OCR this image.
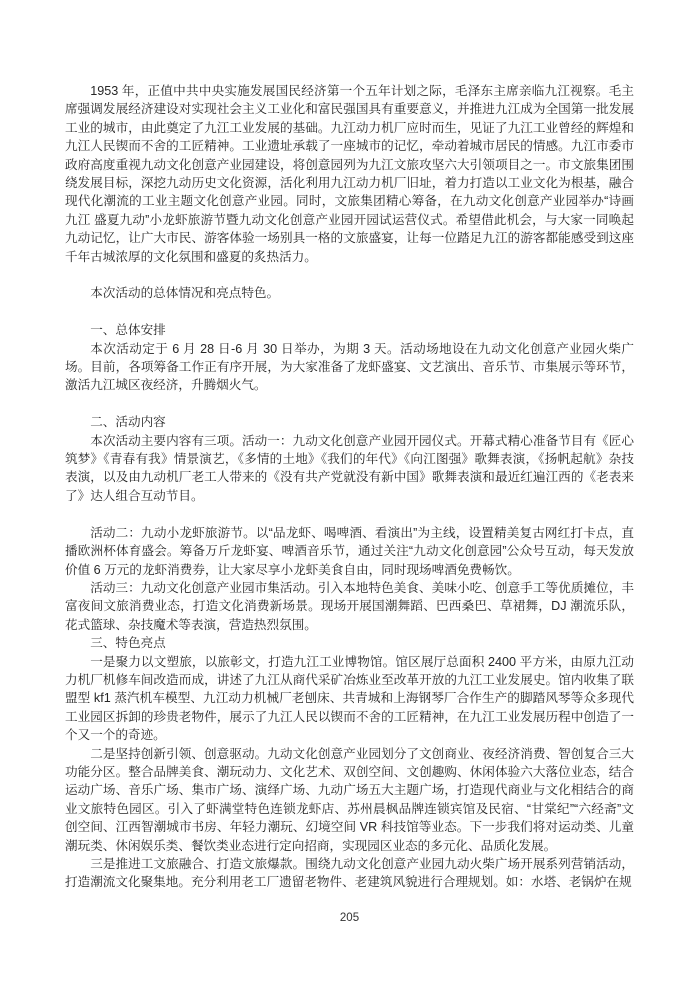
1953 年，正值中共中央实施发展国民经济第一个五年计划之际，毛泽东主席亲临九江视察。毛主席强调发展经济建设对实现社会主义工业化和富民强国具有重要意义，并推进九江成为全国第一批发展工业的城市，由此奠定了九江工业发展的基础。九江动力机厂应时而生，见证了九江工业曾经的辉煌和九江人民锲而不舍的工匠精神。工业遗址承载了一座城市的记忆，牵动着城市居民的情感。九江市委市政府高度重视九动文化创意产业园建设，将创意园列为九江文旅攻坚六大引领项目之一。市文旅集团围绕发展目标，深挖九动历史文化资源，活化利用九江动力机厂旧址，着力打造以工业文化为根基，融合现代化潮流的工业主题文化创意产业园。同时，文旅集团精心筹备，在九动文化创意产业园举办“诗画九江 盛夏九动”小龙虾旅游节暨九动文化创意产业园开园试运营仪式。希望借此机会，与大家一同唤起九动记忆，让广大市民、游客体验一场别具一格的文旅盛宴，让每一位踏足九江的游客都能感受到这座千年古城浓厚的文化氛围和盛夏的炙热活力。

本次活动的总体情况和亮点特色。

一、总体安排

本次活动定于 6 月 28 日-6 月 30 日举办，为期 3 天。活动场地设在九动文化创意产业园火柴广场。目前，各项筹备工作正有序开展，为大家准备了龙虾盛宴、文艺演出、音乐节、市集展示等环节，激活九江城区夜经济，升腾烟火气。

二、活动内容

本次活动主要内容有三项。活动一：九动文化创意产业园开园仪式。开幕式精心准备节目有《匠心筑梦》《青春有我》情景演艺，《多情的土地》《我们的年代》《向江图强》歌舞表演，《扬帆起航》杂技表演，以及由九动机厂老工人带来的《没有共产党就没有新中国》歌舞表演和最近红遍江西的《老表来了》达人组合互动节目。

活动二：九动小龙虾旅游节。以“品龙虾、喝啤酒、看演出”为主线，设置精美复古网红打卡点，直播欧洲杯体育盛会。筹备万斤龙虾宴、啤酒音乐节，通过关注“九动文化创意园”公众号互动，每天发放价值 6 万元的龙虾消费券，让大家尽享小龙虾美食自由，同时现场啤酒免费畅饮。

活动三：九动文化创意产业园市集活动。引入本地特色美食、美味小吃、创意手工等优质摊位，丰富夜间文旅消费业态，打造文化消费新场景。现场开展国潮舞蹈、巴西桑巴、草裙舞，DJ 潮流乐队，花式篮球、杂技魔术等表演，营造热烈氛围。

三、特色亮点

一是聚力以文塑旅，以旅彰文，打造九江工业博物馆。馆区展厅总面积 2400 平方米，由原九江动力机厂机修车间改造而成，讲述了九江从商代采矿冶炼业至改革开放的九江工业发展史。馆内收集了联盟型 kf1 蒸汽机车模型、九江动力机械厂老刨床、共青城和上海钢琴厂合作生产的脚踏风琴等众多现代工业园区拆卸的珍贵老物件，展示了九江人民以锲而不舍的工匠精神，在九江工业发展历程中创造了一个又一个的奇迹。

二是坚持创新引领、创意驱动。九动文化创意产业园划分了文创商业、夜经济消费、智创复合三大功能分区。整合品牌美食、潮玩动力、文化艺术、双创空间、文创趣购、休闲体验六大落位业态，结合运动广场、音乐广场、集市广场、演绎广场、九动广场五大主题广场，打造现代商业与文化相结合的商业文旅特色园区。引入了虾满堂特色连锁龙虾店、苏州晨枫品牌连锁宾馆及民宿、“甘棠纪”“六经斋”文创空间、江西智潮城市书房、年轻力潮玩、幻境空间 VR 科技馆等业态。下一步我们将对运动类、儿童潮玩类、休闲娱乐类、餐饮类业态进行定向招商，实现园区业态的多元化、品质化发展。

三是推进工文旅融合、打造文旅爆款。围绕九动文化创意产业园九动火柴广场开展系列营销活动，打造潮流文化聚集地。充分利用老工厂遗留老物件、老建筑风貌进行合理规划。如：水塔、老锅炉在规

205
